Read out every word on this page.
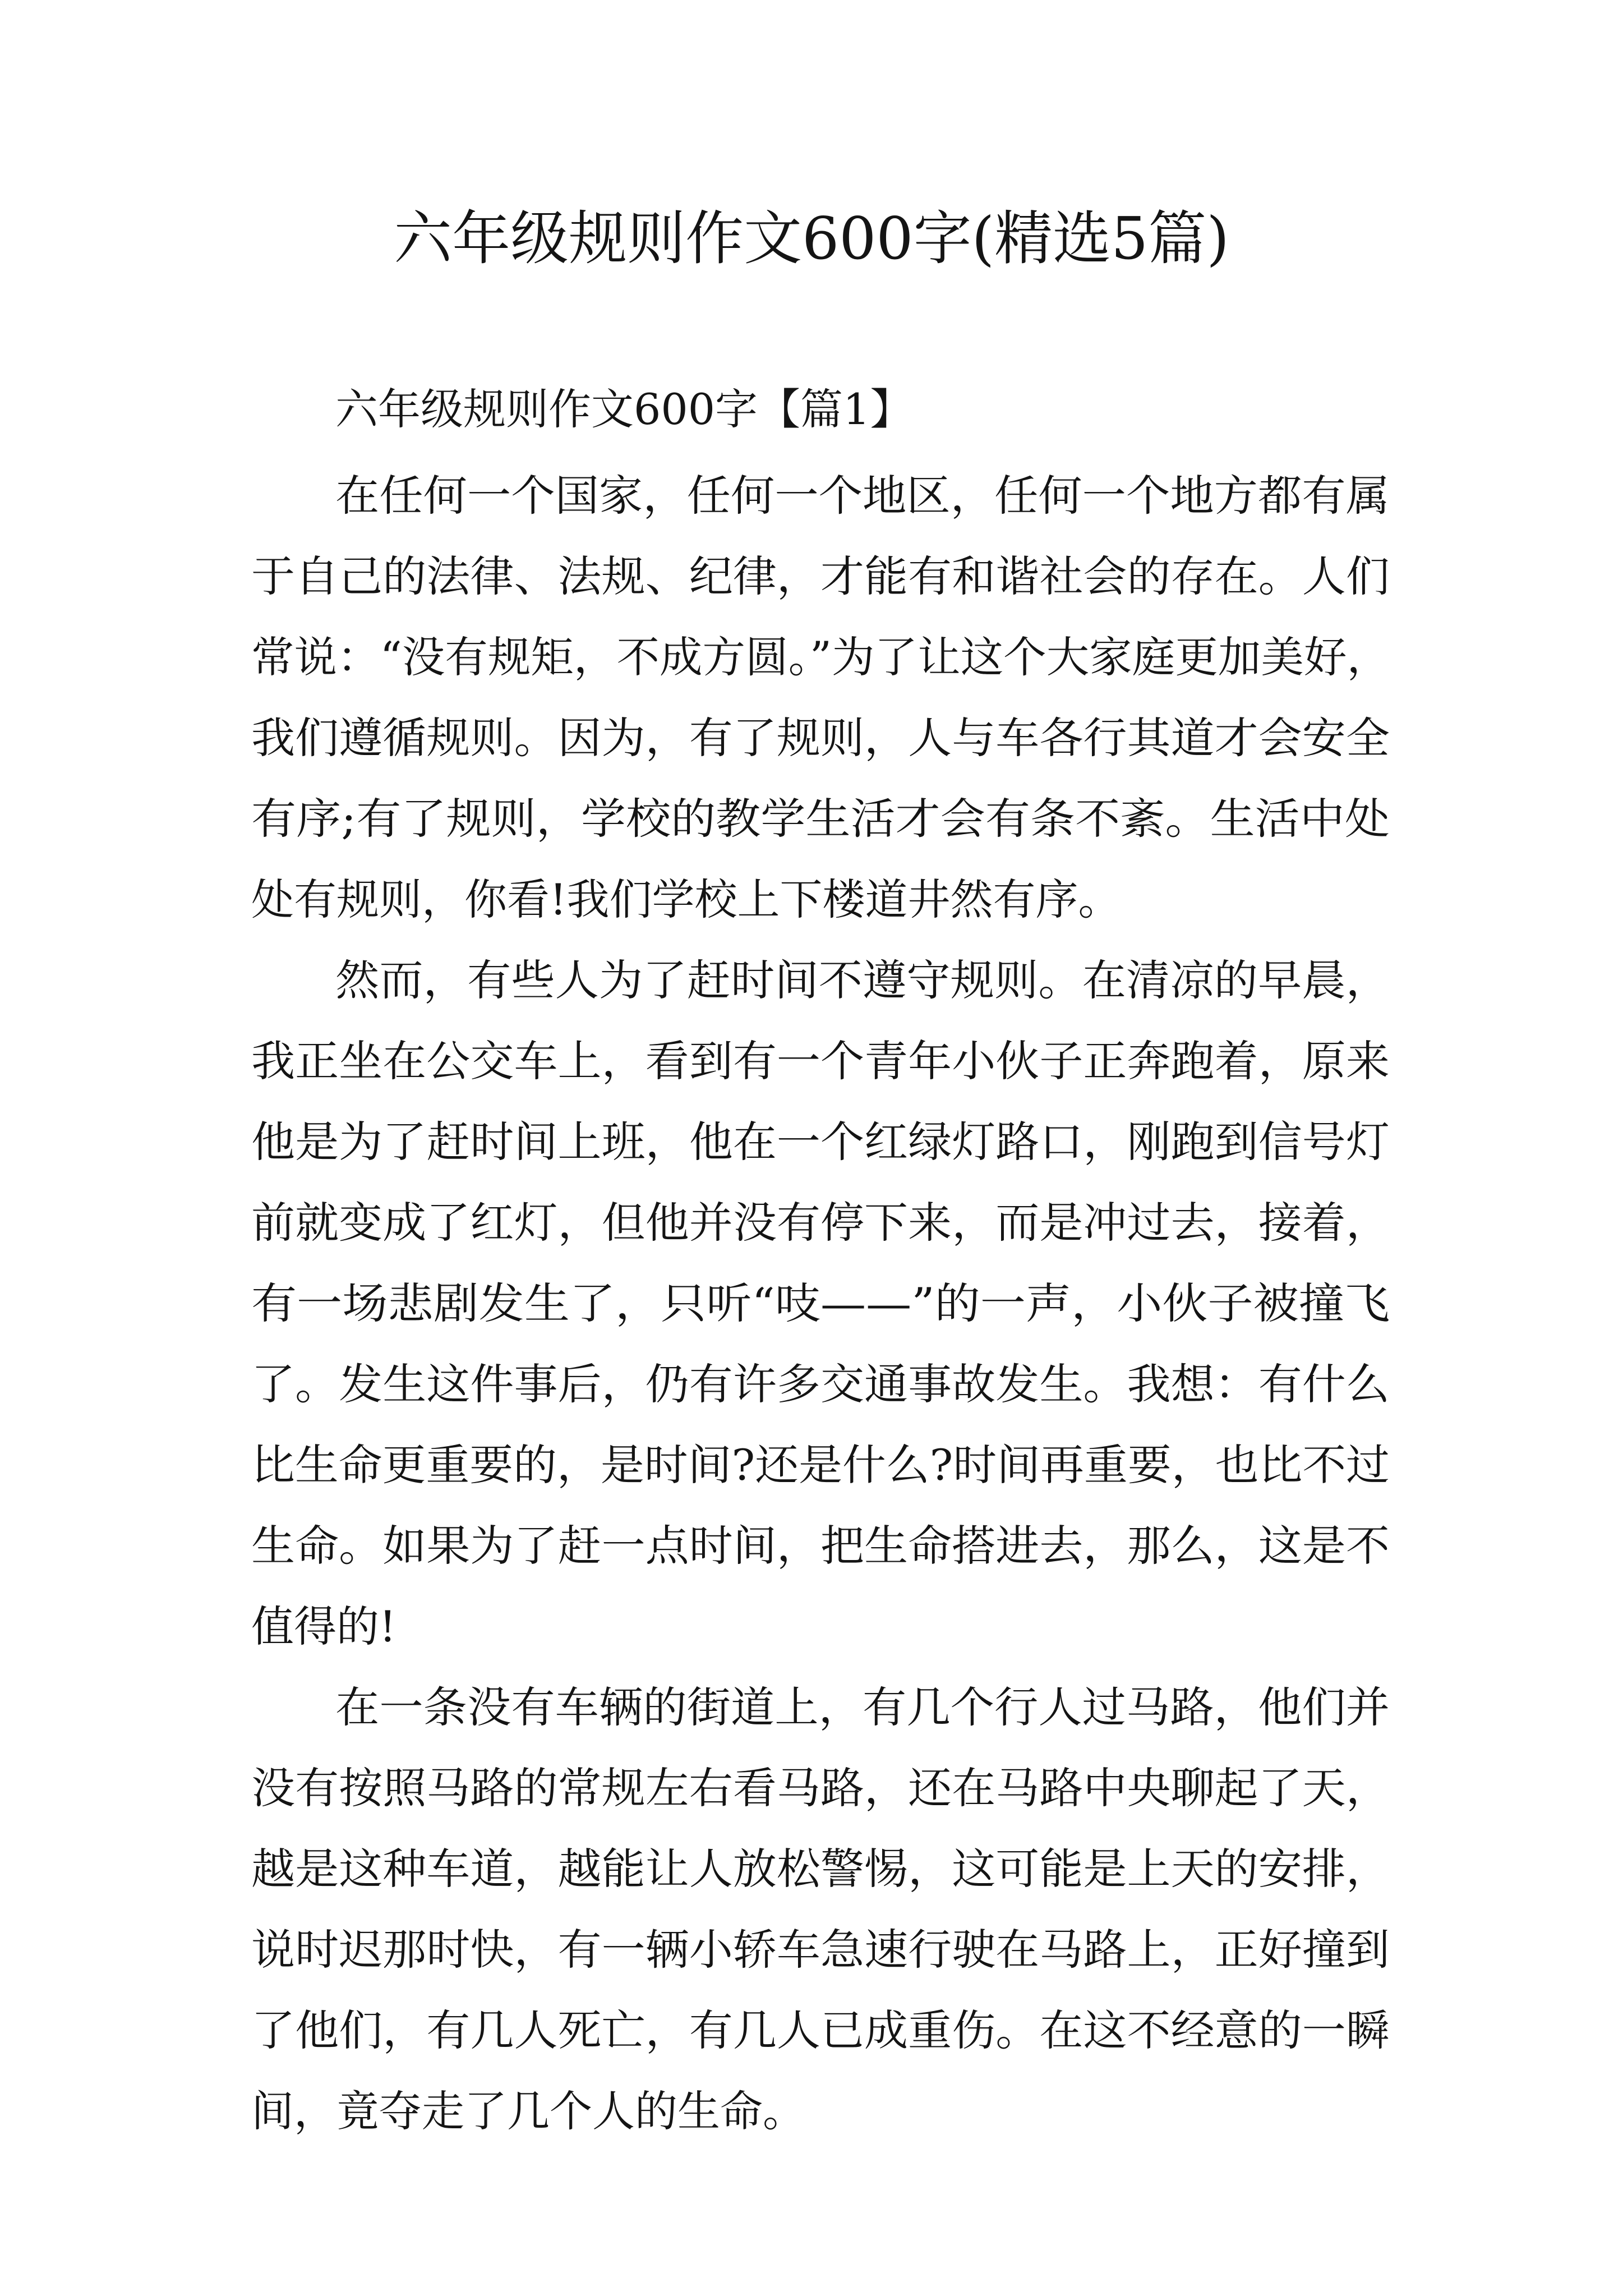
六年级规则作文600字(精选5篇)
六年级规则作文600字【篇1】
在任何一个国家，任何一个地区，任何一个地方都有属
于自己的法律、法规、纪律，才能有和谐社会的存在。人们
常说：“没有规矩，不成方圆。”为了让这个大家庭更加美好，
我们遵循规则。因为，有了规则，人与车各行其道才会安全
有序;有了规则，学校的教学生活才会有条不紊。生活中处
处有规则，你看!我们学校上下楼道井然有序。
然而，有些人为了赶时间不遵守规则。在清凉的早晨，
我正坐在公交车上，看到有一个青年小伙子正奔跑着，原来
他是为了赶时间上班，他在一个红绿灯路口，刚跑到信号灯
前就变成了红灯，但他并没有停下来，而是冲过去，接着，
有一场悲剧发生了，只听“吱——”的一声，小伙子被撞飞
了。发生这件事后，仍有许多交通事故发生。我想：有什么
比生命更重要的，是时间?还是什么?时间再重要，也比不过
生命。如果为了赶一点时间，把生命搭进去，那么，这是不
值得的!
在一条没有车辆的街道上，有几个行人过马路，他们并
没有按照马路的常规左右看马路，还在马路中央聊起了天，
越是这种车道，越能让人放松警惕，这可能是上天的安排，
说时迟那时快，有一辆小轿车急速行驶在马路上，正好撞到
了他们，有几人死亡，有几人已成重伤。在这不经意的一瞬
间，竟夺走了几个人的生命。
